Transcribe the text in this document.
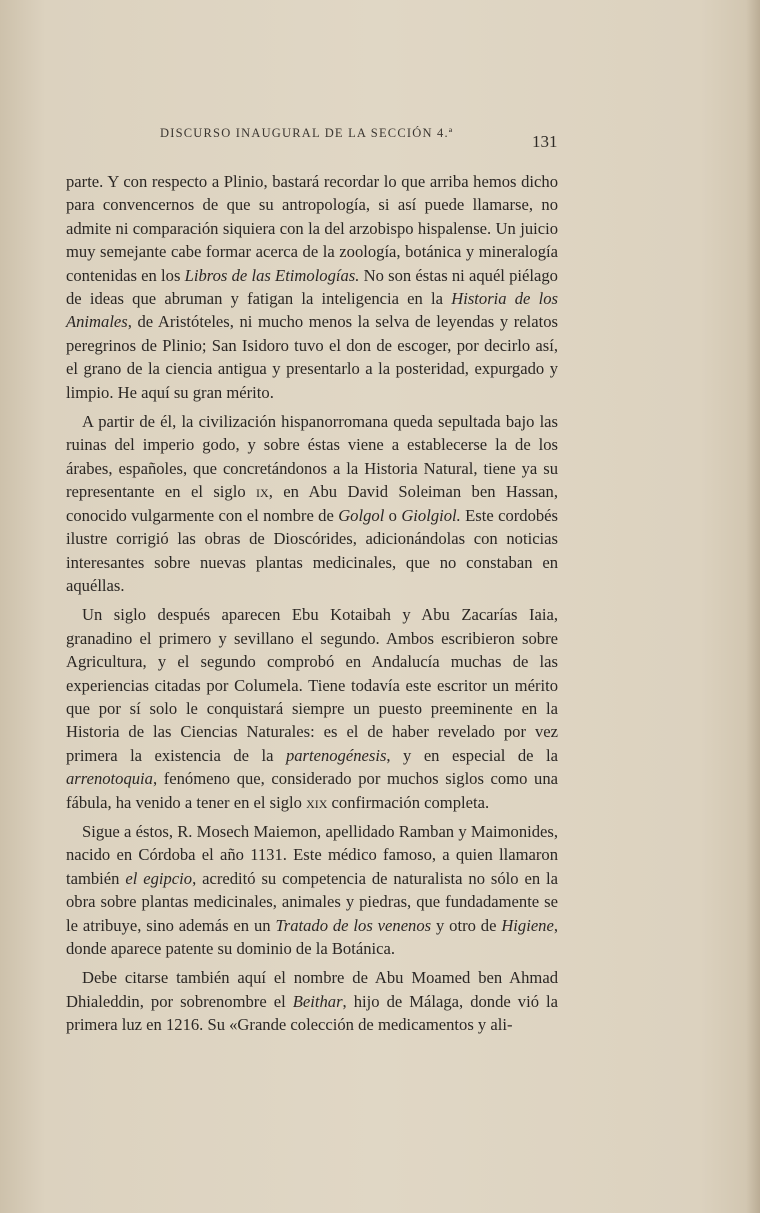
DISCURSO INAUGURAL DE LA SECCIÓN 4.ª	131

parte. Y con respecto a Plinio, bastará recordar lo que arriba hemos dicho para convencernos de que su antropología, si así puede llamarse, no admite ni comparación siquiera con la del arzobispo hispalense. Un juicio muy semejante cabe formar acerca de la zoología, botánica y mineralogía contenidas en los Libros de las Etimologías. No son éstas ni aquél piélago de ideas que abruman y fatigan la inteligencia en la Historia de los Animales, de Aristóteles, ni mucho menos la selva de leyendas y relatos peregrinos de Plinio; San Isidoro tuvo el don de escoger, por decirlo así, el grano de la ciencia antigua y presentarlo a la posteridad, expurgado y limpio. He aquí su gran mérito.

A partir de él, la civilización hispanorromana queda sepultada bajo las ruinas del imperio godo, y sobre éstas viene a establecerse la de los árabes, españoles, que concretándonos a la Historia Natural, tiene ya su representante en el siglo ix, en Abu David Soleiman ben Hassan, conocido vulgarmente con el nombre de Golgol o Giolgiol. Este cordobés ilustre corrigió las obras de Dioscórides, adicionándolas con noticias interesantes sobre nuevas plantas medicinales, que no constaban en aquéllas.

Un siglo después aparecen Ebu Kotaibah y Abu Zacarías Iaia, granadino el primero y sevillano el segundo. Ambos escribieron sobre Agricultura, y el segundo comprobó en Andalucía muchas de las experiencias citadas por Columela. Tiene todavía este escritor un mérito que por sí solo le conquistará siempre un puesto preeminente en la Historia de las Ciencias Naturales: es el de haber revelado por vez primera la existencia de la partenogénesis, y en especial de la arrenotoquia, fenómeno que, considerado por muchos siglos como una fábula, ha venido a tener en el siglo xix confirmación completa.

Sigue a éstos, R. Mosech Maiemon, apellidado Ramban y Maimonides, nacido en Córdoba el año 1131. Este médico famoso, a quien llamaron también el egipcio, acreditó su competencia de naturalista no sólo en la obra sobre plantas medicinales, animales y piedras, que fundadamente se le atribuye, sino además en un Tratado de los venenos y otro de Higiene, donde aparece patente su dominio de la Botánica.

Debe citarse también aquí el nombre de Abu Moamed ben Ahmad Dhialeddin, por sobrenombre el Beithar, hijo de Málaga, donde vió la primera luz en 1216. Su «Grande colección de medicamentos y ali-
